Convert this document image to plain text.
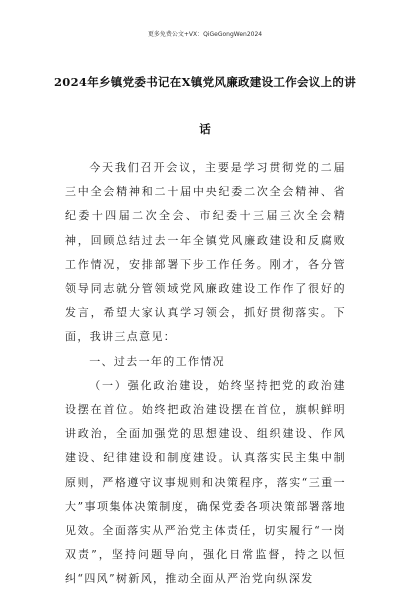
更多免费公文+VX：QiGeGongWen2024
2024年乡镇党委书记在X镇党风廉政建设工作会议上的讲
话

今天我们召开会议，主要是学习贯彻党的二届三中全会精神和二十届中央纪委二次全会精神、省纪委十四届二次全会、市纪委十三届三次全会精神，回顾总结过去一年全镇党风廉政建设和反腐败工作情况，安排部署下步工作任务。刚才，各分管领导同志就分管领域党风廉政建设工作作了很好的发言，希望大家认真学习领会，抓好贯彻落实。下面，我讲三点意见：

一、过去一年的工作情况

（一）强化政治建设，始终坚持把党的政治建设摆在首位。始终把政治建设摆在首位，旗帜鲜明讲政治，全面加强党的思想建设、组织建设、作风建设、纪律建设和制度建设。认真落实民主集中制原则，严格遵守议事规则和决策程序，落实“三重一大”事项集体决策制度，确保党委各项决策部署落地见效。全面落实从严治党主体责任，切实履行“一岗双责”，坚持问题导向，强化日常监督，持之以恒纠“四风”树新风，推动全面从严治党向纵深发
